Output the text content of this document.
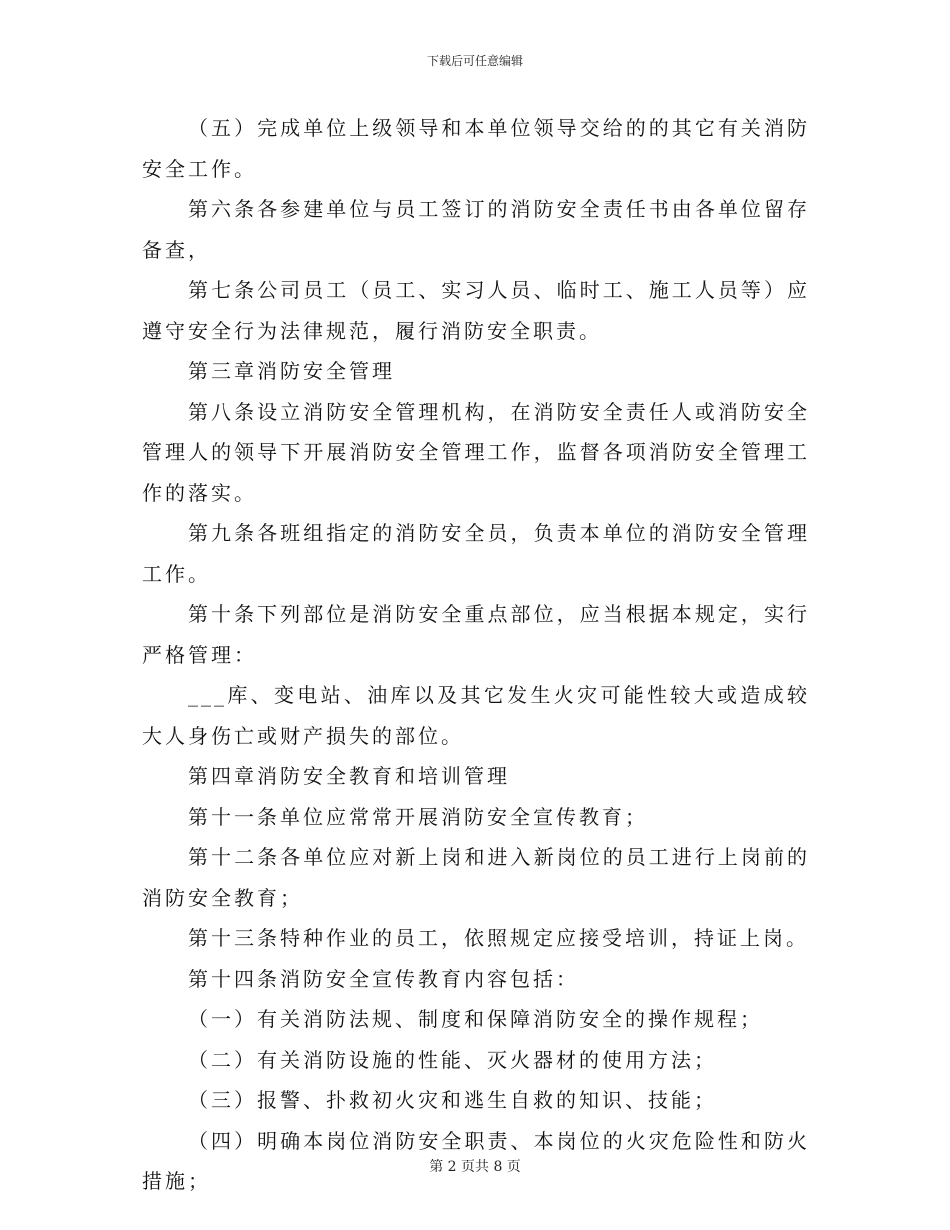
下载后可任意编辑

（五）完成单位上级领导和本单位领导交给的的其它有关消防安全工作。

第六条各参建单位与员工签订的消防安全责任书由各单位留存备查，

第七条公司员工（员工、实习人员、临时工、施工人员等）应遵守安全行为法律规范，履行消防安全职责。

第三章消防安全管理

第八条设立消防安全管理机构，在消防安全责任人或消防安全管理人的领导下开展消防安全管理工作，监督各项消防安全管理工作的落实。

第九条各班组指定的消防安全员，负责本单位的消防安全管理工作。

第十条下列部位是消防安全重点部位，应当根据本规定，实行严格管理：

___库、变电站、油库以及其它发生火灾可能性较大或造成较大人身伤亡或财产损失的部位。

第四章消防安全教育和培训管理

第十一条单位应常常开展消防安全宣传教育；

第十二条各单位应对新上岗和进入新岗位的员工进行上岗前的消防安全教育；

第十三条特种作业的员工，依照规定应接受培训，持证上岗。

第十四条消防安全宣传教育内容包括：

（一）有关消防法规、制度和保障消防安全的操作规程；

（二）有关消防设施的性能、灭火器材的使用方法；

（三）报警、扑救初火灾和逃生自救的知识、技能；

（四）明确本岗位消防安全职责、本岗位的火灾危险性和防火措施；

第 2 页共 8 页
